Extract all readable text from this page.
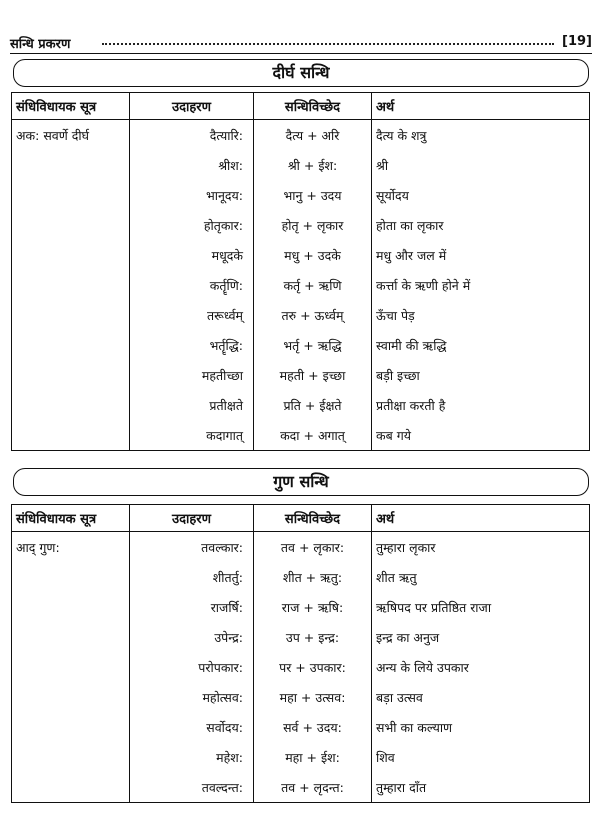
सन्धि प्रकरण	[19]
दीर्घ सन्धि
संधिविधायक सूत्र	उदाहरण	सन्धिविच्छेद	अर्थ
अक: सवर्णे दीर्घ	दैत्यारि:	दैत्य + अरि	दैत्य के शत्रु
	श्रीश:	श्री + ईश:	श्री
	भानूदय:	भानु + उदय	सूर्योदय
	होतृकार:	होतृ + लृकार	होता का लृकार
	मधूदके	मधु + उदके	मधु और जल में
	कर्तॄणि:	कर्तृ + ऋणि	कर्त्ता के ऋणी होने में
	तरूर्ध्वम्	तरु + ऊर्ध्वम्	ऊँचा पेड़
	भर्तॄद्धि:	भर्तृ + ऋद्धि	स्वामी की ऋद्धि
	महतीच्छा	महती + इच्छा	बड़ी इच्छा
	प्रतीक्षते	प्रति + ईक्षते	प्रतीक्षा करती है
	कदागात्	कदा + अगात्	कब गये
गुण सन्धि
संधिविधायक सूत्र	उदाहरण	सन्धिविच्छेद	अर्थ
आद् गुण:	तवल्कार:	तव + लृकार:	तुम्हारा लृकार
	शीतर्तु:	शीत + ऋतु:	शीत ऋतु
	राजर्षि:	राज + ऋषि:	ऋषिपद पर प्रतिष्ठित राजा
	उपेन्द्र:	उप + इन्द्र:	इन्द्र का अनुज
	परोपकार:	पर + उपकार:	अन्य के लिये उपकार
	महोत्सव:	महा + उत्सव:	बड़ा उत्सव
	सर्वोदय:	सर्व + उदय:	सभी का कल्याण
	महेश:	महा + ईश:	शिव
	तवल्दन्त:	तव + लृदन्त:	तुम्हारा दाँत
